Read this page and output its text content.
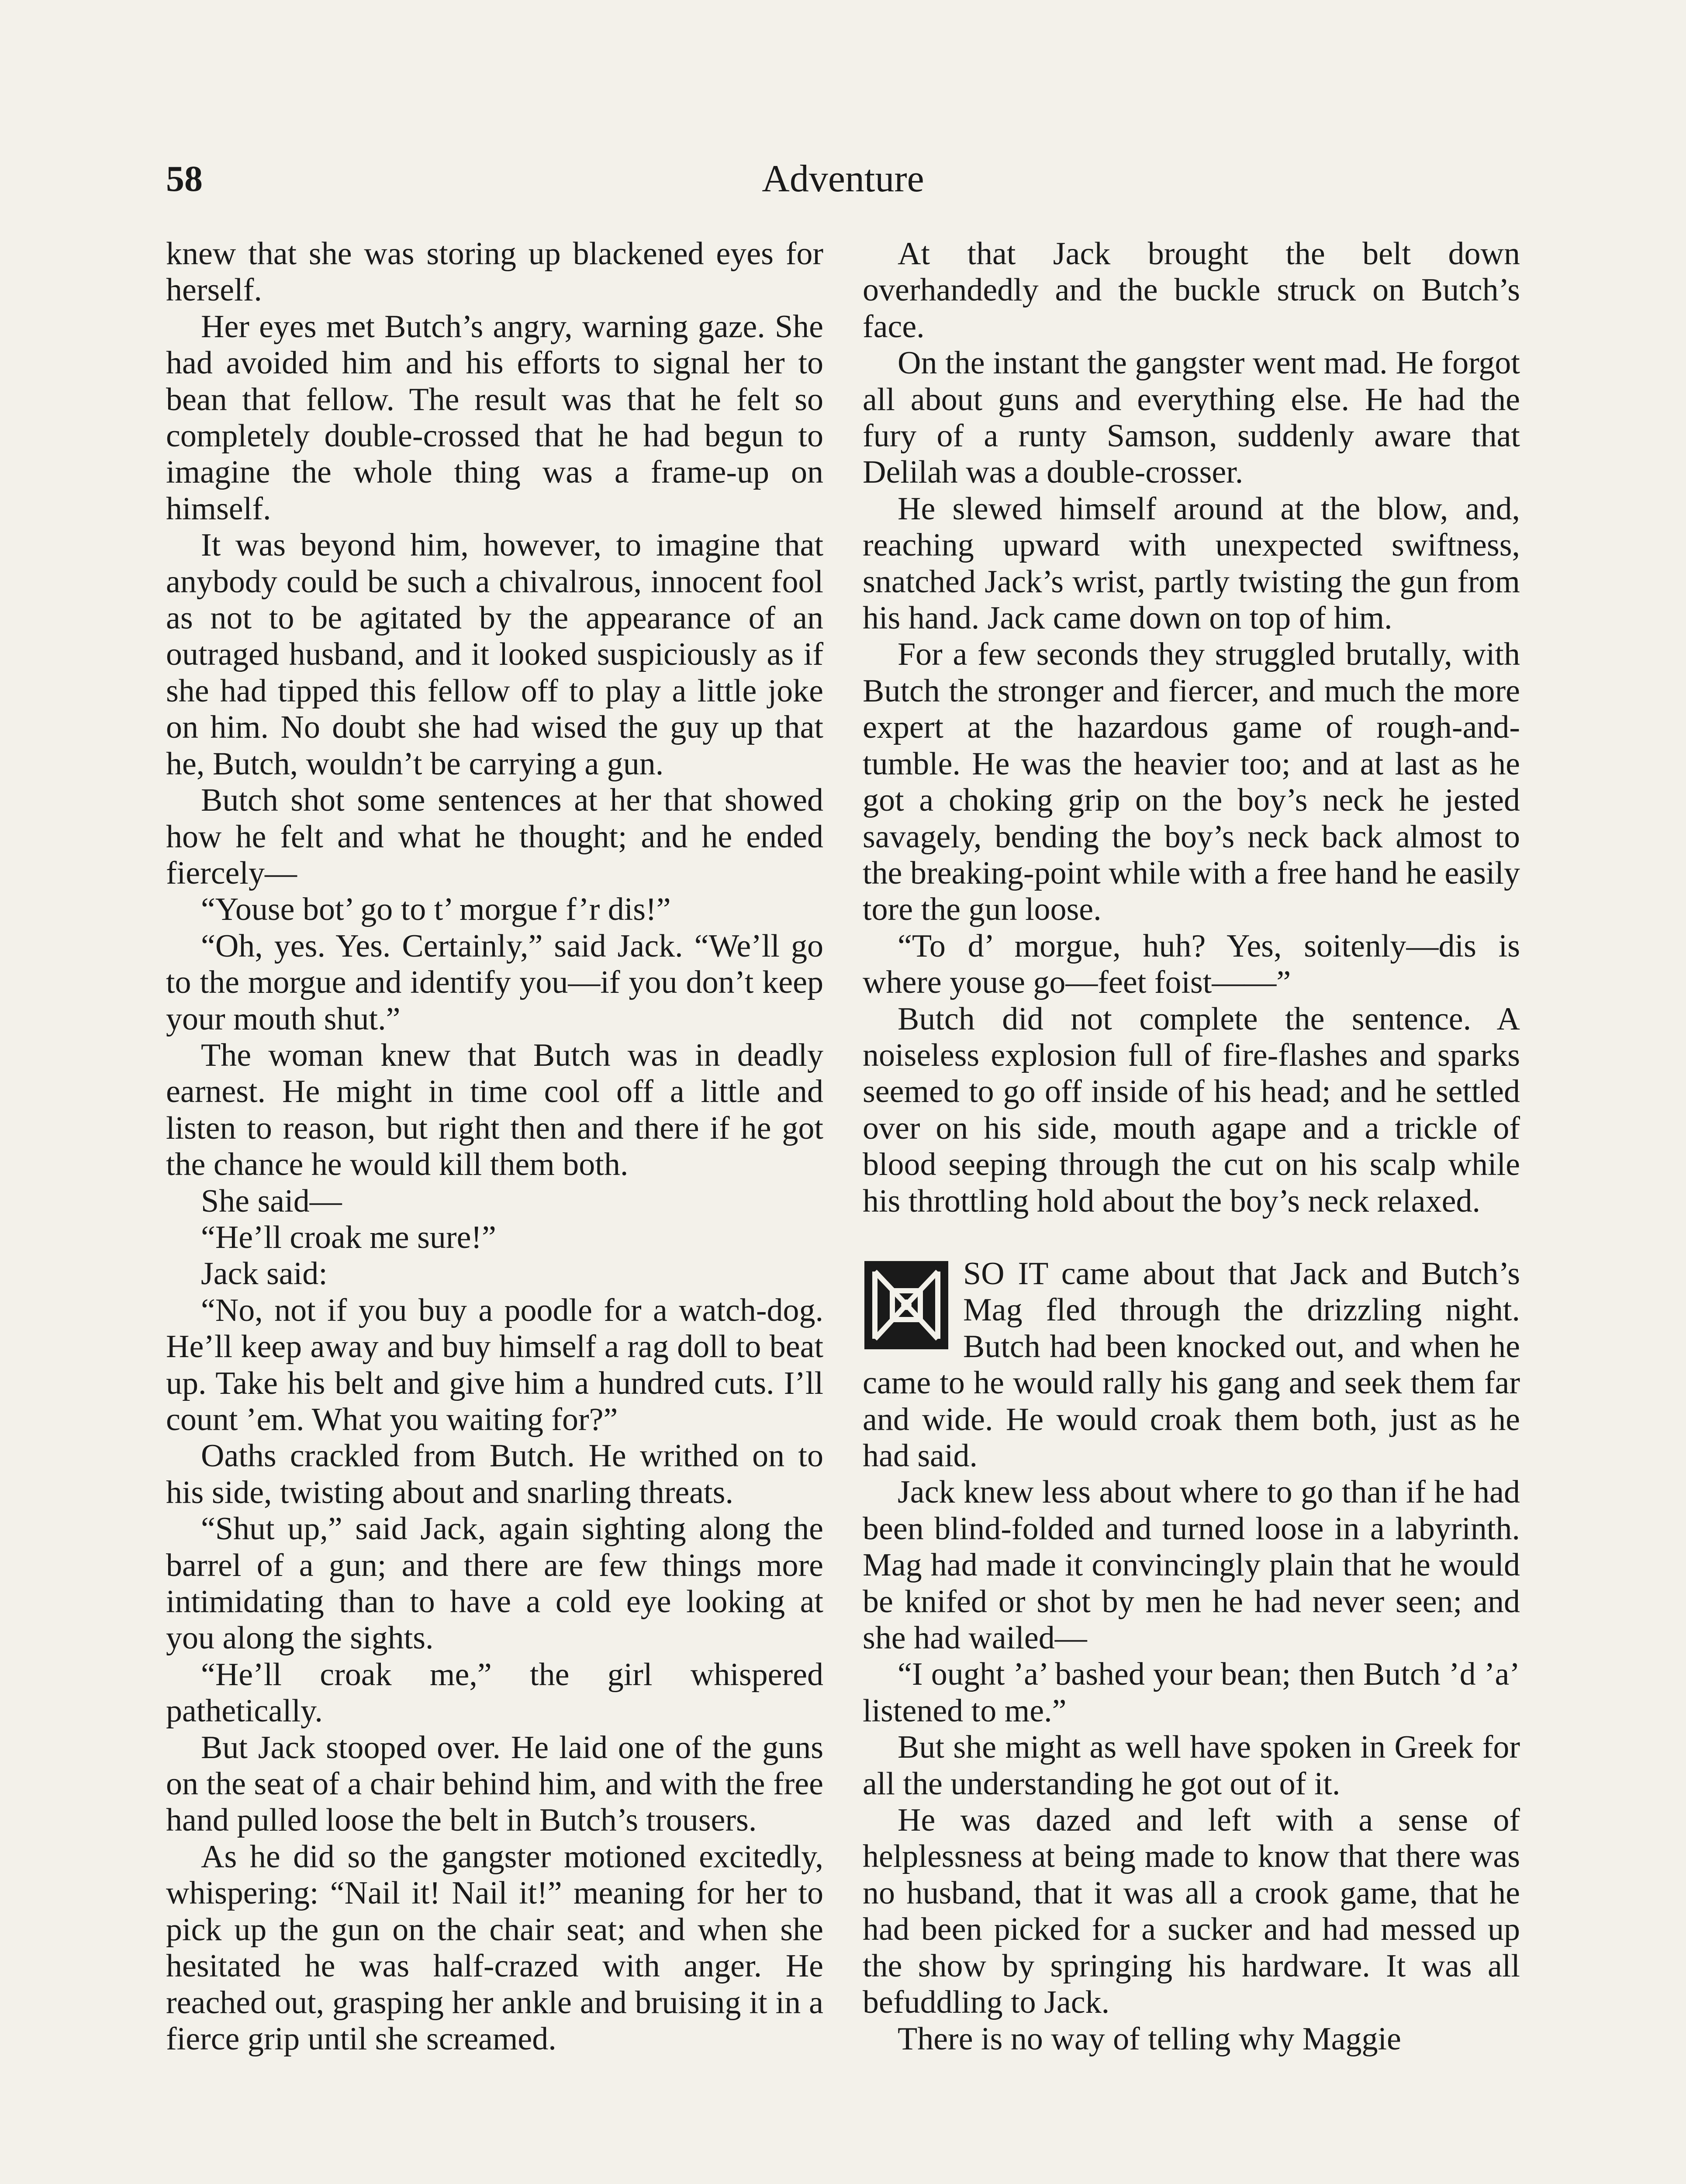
58	Adventure

knew that she was storing up blackened eyes for herself.

Her eyes met Butch’s angry, warning gaze. She had avoided him and his efforts to signal her to bean that fellow. The result was that he felt so completely double-crossed that he had begun to imagine the whole thing was a frame-up on himself.

It was beyond him, however, to imagine that anybody could be such a chivalrous, innocent fool as not to be agitated by the appearance of an outraged husband, and it looked suspiciously as if she had tipped this fellow off to play a little joke on him. No doubt she had wised the guy up that he, Butch, wouldn’t be carrying a gun.

Butch shot some sentences at her that showed how he felt and what he thought; and he ended fiercely—

“Youse bot’ go to t’ morgue f’r dis!”

“Oh, yes. Yes. Certainly,” said Jack. “We’ll go to the morgue and identify you—if you don’t keep your mouth shut.”

The woman knew that Butch was in deadly earnest. He might in time cool off a little and listen to reason, but right then and there if he got the chance he would kill them both.

She said—

“He’ll croak me sure!”

Jack said:

“No, not if you buy a poodle for a watch-dog. He’ll keep away and buy himself a rag doll to beat up. Take his belt and give him a hundred cuts. I’ll count ’em. What you waiting for?”

Oaths crackled from Butch. He writhed on to his side, twisting about and snarling threats.

“Shut up,” said Jack, again sighting along the barrel of a gun; and there are few things more intimidating than to have a cold eye looking at you along the sights.

“He’ll croak me,” the girl whispered pathetically.

But Jack stooped over. He laid one of the guns on the seat of a chair behind him, and with the free hand pulled loose the belt in Butch’s trousers.

As he did so the gangster motioned excitedly, whispering: “Nail it! Nail it!” meaning for her to pick up the gun on the chair seat; and when she hesitated he was half-crazed with anger. He reached out, grasping her ankle and bruising it in a fierce grip until she screamed.

At that Jack brought the belt down overhandedly and the buckle struck on Butch’s face.

On the instant the gangster went mad. He forgot all about guns and everything else. He had the fury of a runty Samson, suddenly aware that Delilah was a double-crosser.

He slewed himself around at the blow, and, reaching upward with unexpected swiftness, snatched Jack’s wrist, partly twisting the gun from his hand. Jack came down on top of him.

For a few seconds they struggled brutally, with Butch the stronger and fiercer, and much the more expert at the hazardous game of rough-and-tumble. He was the heavier too; and at last as he got a choking grip on the boy’s neck he jested savagely, bending the boy’s neck back almost to the breaking-point while with a free hand he easily tore the gun loose.

“To d’ morgue, huh? Yes, soitenly—dis is where youse go—feet foist——”

Butch did not complete the sentence. A noiseless explosion full of fire-flashes and sparks seemed to go off inside of his head; and he settled over on his side, mouth agape and a trickle of blood seeping through the cut on his scalp while his throttling hold about the boy’s neck relaxed.

SO IT came about that Jack and Butch’s Mag fled through the drizzling night. Butch had been knocked out, and when he came to he would rally his gang and seek them far and wide. He would croak them both, just as he had said.

Jack knew less about where to go than if he had been blind-folded and turned loose in a labyrinth. Mag had made it convincingly plain that he would be knifed or shot by men he had never seen; and she had wailed—

“I ought ’a’ bashed your bean; then Butch ’d ’a’ listened to me.”

But she might as well have spoken in Greek for all the understanding he got out of it.

He was dazed and left with a sense of helplessness at being made to know that there was no husband, that it was all a crook game, that he had been picked for a sucker and had messed up the show by springing his hardware. It was all befuddling to Jack.

There is no way of telling why Maggie
